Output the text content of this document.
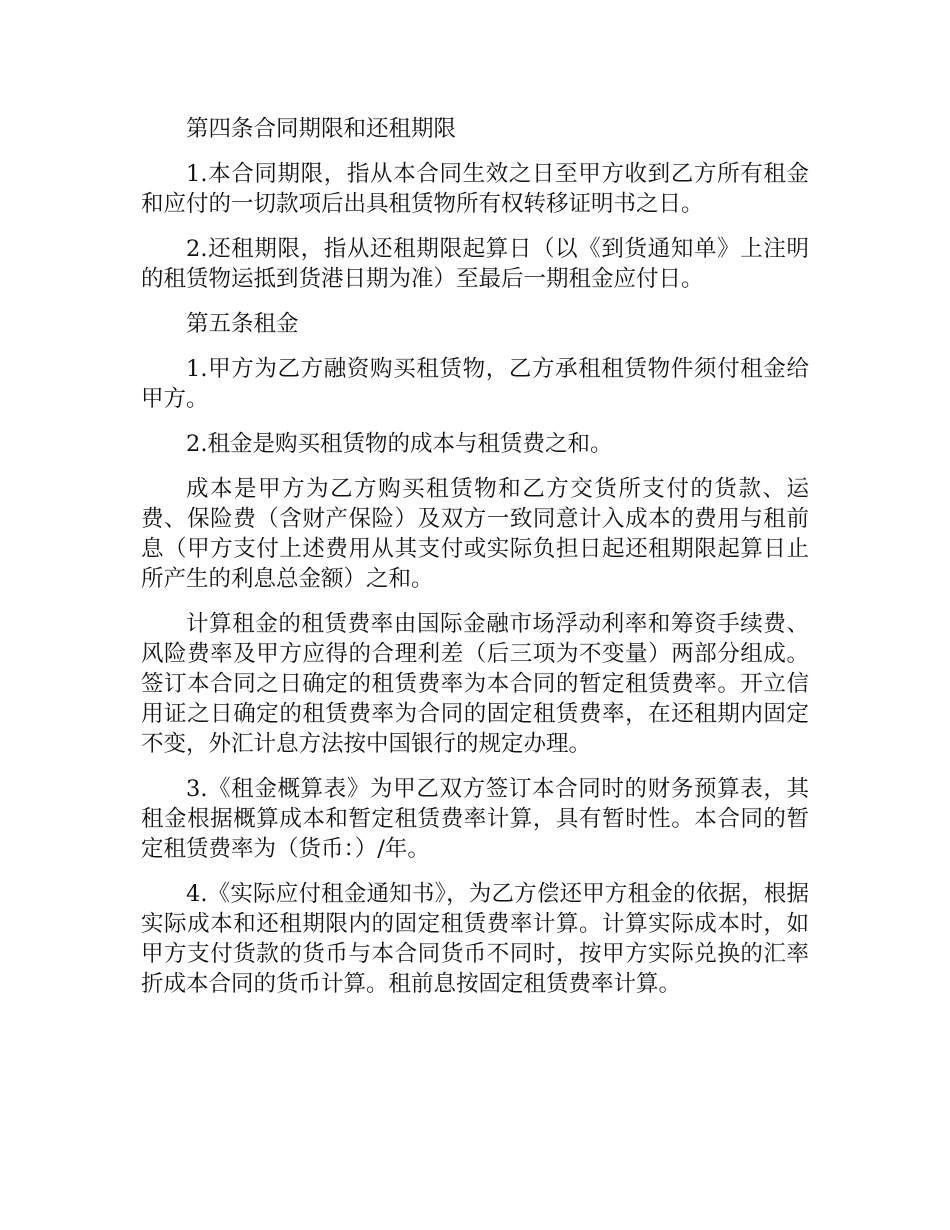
第四条合同期限和还租期限

1.本合同期限，指从本合同生效之日至甲方收到乙方所有租金和应付的一切款项后出具租赁物所有权转移证明书之日。

2.还租期限，指从还租期限起算日（以《到货通知单》上注明的租赁物运抵到货港日期为准）至最后一期租金应付日。

第五条租金

1.甲方为乙方融资购买租赁物，乙方承租租赁物件须付租金给甲方。

2.租金是购买租赁物的成本与租赁费之和。

成本是甲方为乙方购买租赁物和乙方交货所支付的货款、运费、保险费（含财产保险）及双方一致同意计入成本的费用与租前息（甲方支付上述费用从其支付或实际负担日起还租期限起算日止所产生的利息总金额）之和。

计算租金的租赁费率由国际金融市场浮动利率和筹资手续费、风险费率及甲方应得的合理利差（后三项为不变量）两部分组成。签订本合同之日确定的租赁费率为本合同的暂定租赁费率。开立信用证之日确定的租赁费率为合同的固定租赁费率，在还租期内固定不变，外汇计息方法按中国银行的规定办理。

3.《租金概算表》为甲乙双方签订本合同时的财务预算表，其租金根据概算成本和暂定租赁费率计算，具有暂时性。本合同的暂定租赁费率为（货币：）/年。

4.《实际应付租金通知书》，为乙方偿还甲方租金的依据，根据实际成本和还租期限内的固定租赁费率计算。计算实际成本时，如甲方支付货款的货币与本合同货币不同时，按甲方实际兑换的汇率折成本合同的货币计算。租前息按固定租赁费率计算。
